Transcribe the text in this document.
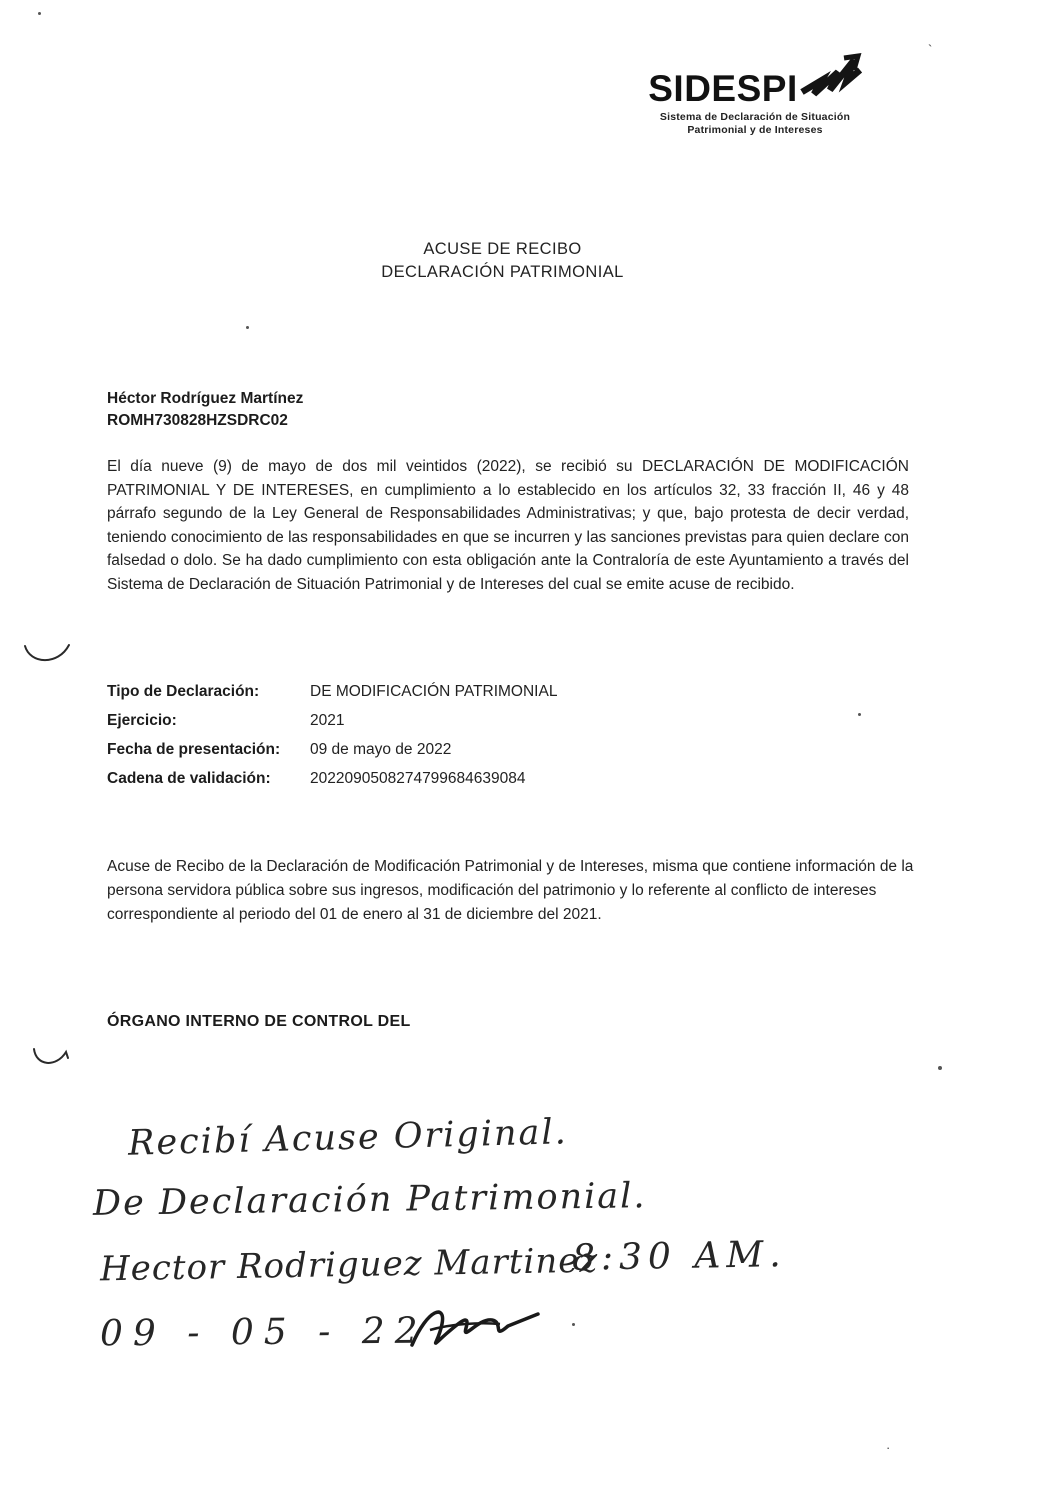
SIDESPI
Sistema de Declaración de Situación
Patrimonial y de Intereses
ACUSE DE RECIBO
DECLARACIÓN PATRIMONIAL
Héctor Rodríguez Martínez
ROMH730828HZSDRC02

El día nueve (9) de mayo de dos mil veintidos (2022), se recibió su DECLARACIÓN DE MODIFICACIÓN PATRIMONIAL Y DE INTERESES, en cumplimiento a lo establecido en los artículos 32, 33 fracción II, 46 y 48 párrafo segundo de la Ley General de Responsabilidades Administrativas; y que, bajo protesta de decir verdad, teniendo conocimiento de las responsabilidades en que se incurren y las sanciones previstas para quien declare con falsedad o dolo. Se ha dado cumplimiento con esta obligación ante la Contraloría de este Ayuntamiento a través del Sistema de Declaración de Situación Patrimonial y de Intereses del cual se emite acuse de recibido.

Tipo de Declaración:	DE MODIFICACIÓN PATRIMONIAL
Ejercicio:	2021
Fecha de presentación: 09 de mayo de 2022
Cadena de validación:	2022090508274799684639084

Acuse de Recibo de la Declaración de Modificación Patrimonial y de Intereses, misma que contiene información de la persona servidora pública sobre sus ingresos, modificación del patrimonio y lo referente al conflicto de intereses correspondiente al periodo del 01 de enero al 31 de diciembre del 2021.

ÓRGANO INTERNO DE CONTROL DEL
Recibí Acuse Original.
De Declaración Patrimonial.
Hector Rodriguez Martinez
8:30 AM.
09 - 05 - 22
`
·
